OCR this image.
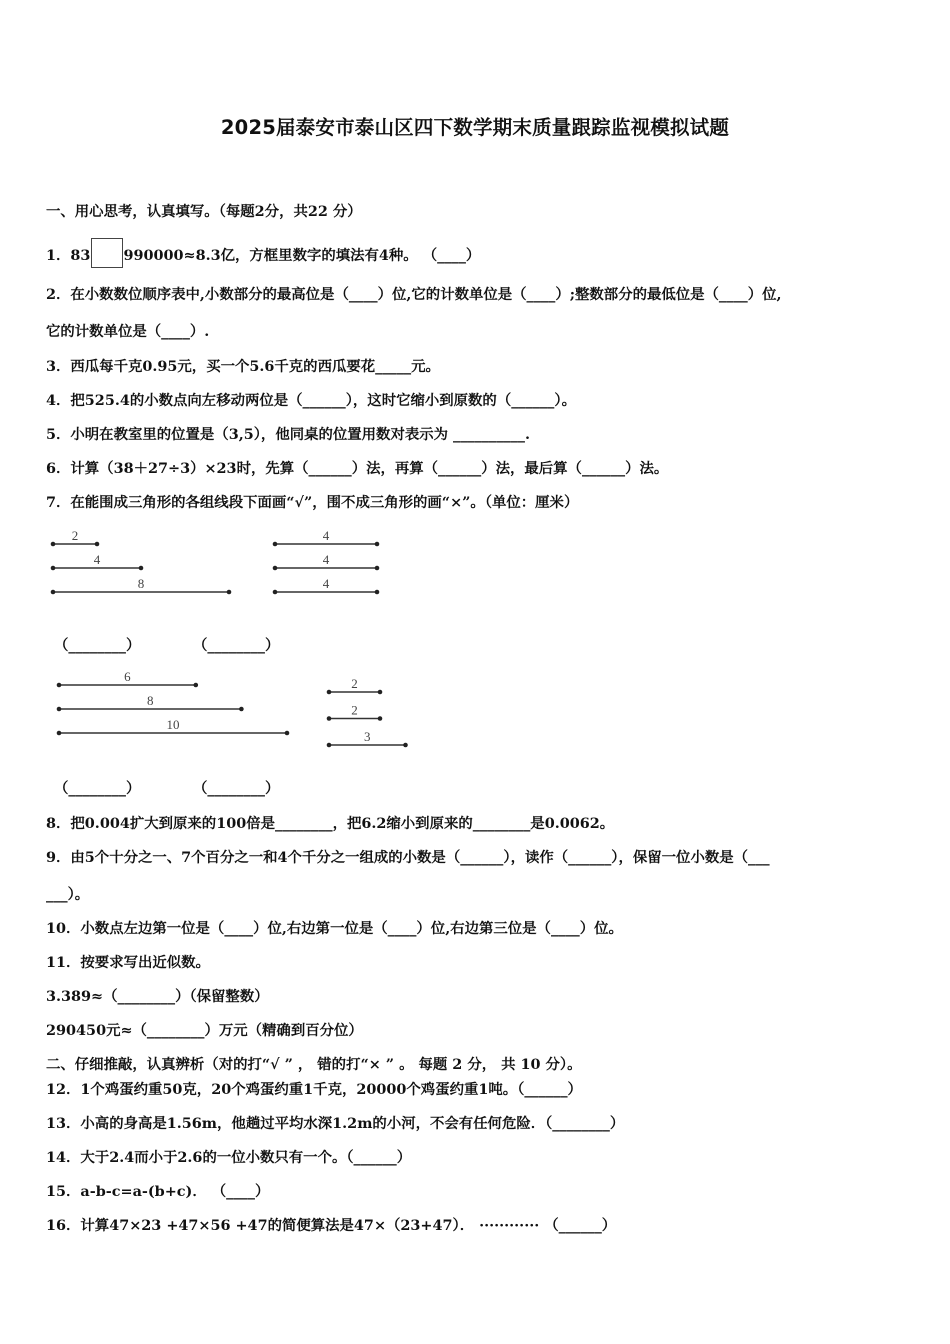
2025届泰安市泰山区四下数学期末质量跟踪监视模拟试题
一、用心思考，认真填写。（每题2分，共22 分）
1．83 990000≈8.3亿，方框里数字的填法有4种。 （____）
2．在小数数位顺序表中,小数部分的最高位是（____）位,它的计数单位是（____）;整数部分的最低位是（____）位,
它的计数单位是（____）.
3．西瓜每千克0.95元，买一个5.6千克的西瓜要花_____元。
4．把525.4的小数点向左移动两位是（______），这时它缩小到原数的（______）。
5．小明在教室里的位置是（3,5），他同桌的位置用数对表示为 __________.
6．计算（38＋27÷3）×23时，先算（______）法，再算（______）法，最后算（______）法。
7．在能围成三角形的各组线段下面画“√”，围不成三角形的画“×”。（单位：厘米）
2
4
8
4
4
4
6
8
10
2
2
3
（________）	（________）
（________）	（________）
8．把0.004扩大到原来的100倍是________，把6.2缩小到原来的________是0.0062。
9．由5个十分之一、7个百分之一和4个千分之一组成的小数是（______），读作（______），保留一位小数是（___
___）。
10．小数点左边第一位是（____）位,右边第一位是（____）位,右边第三位是（____）位。
11．按要求写出近似数。
3.389≈（________）（保留整数）
290450元≈（________）万元（精确到百分位）
二、仔细推敲，认真辨析（对的打“√ ” ， 错的打“× ” 。 每题 2 分， 共 10 分）。
12．1个鸡蛋约重50克，20个鸡蛋约重1千克，20000个鸡蛋约重1吨。（______）
13．小高的身高是1.56m，他趟过平均水深1.2m的小河，不会有任何危险．（________）
14．大于2.4而小于2.6的一位小数只有一个。（______）
15．a-b-c=a-(b+c)． （____）
16．计算47×23 +47×56 +47的简便算法是47×（23+47）． ············ （______）
